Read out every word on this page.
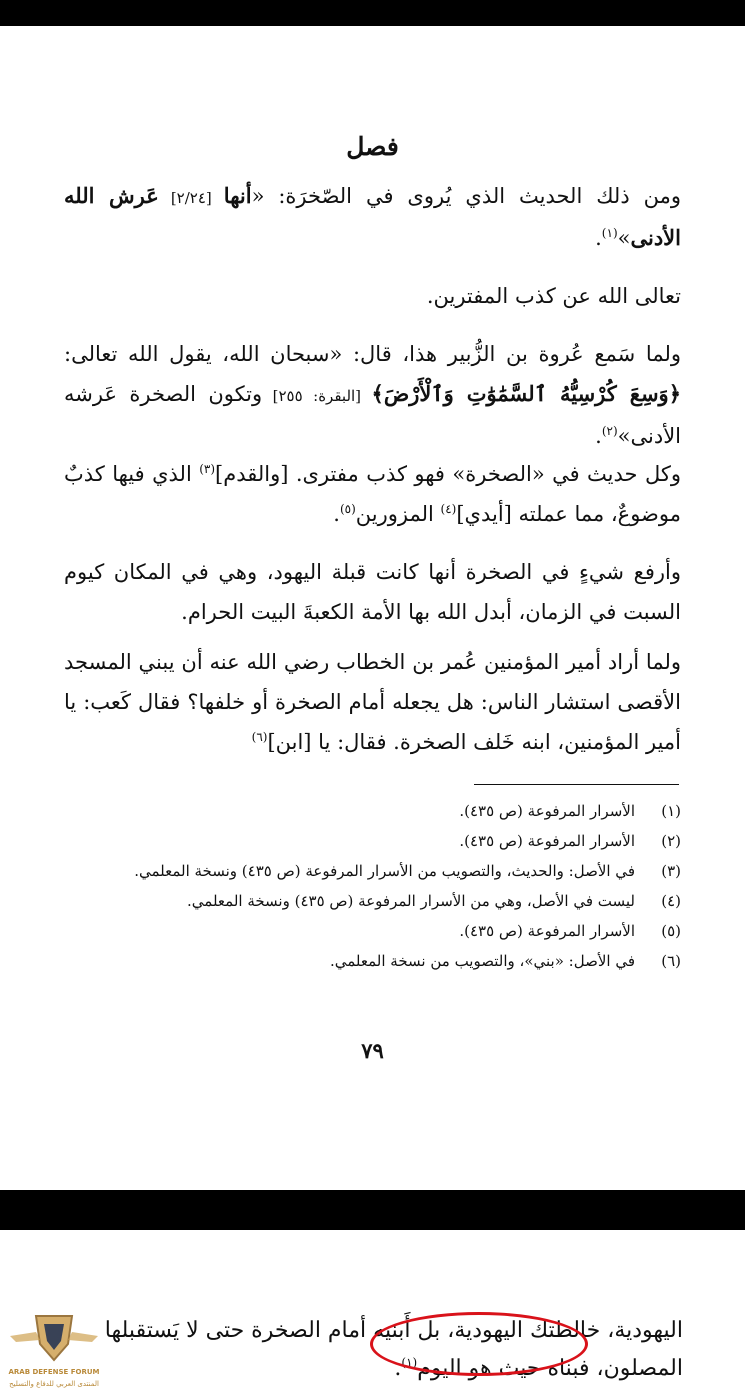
فصل

ومن ذلك الحديث الذي يُروى في الصّخرَة: «أنها [٢/٢٤] عَرش الله الأدنى»$^{(١)}$.

تعالى الله عن كذب المفترين.

ولما سَمع عُروة بن الزُّبير هذا، قال: «سبحان الله، يقول الله تعالى: ﴿وَسِعَ كُرْسِيُّهُ ٱلسَّمَٰوَٰتِ وَٱلْأَرْضَ﴾ [البقرة: ٢٥٥] وتكون الصخرة عَرشه الأدنى»$^{(٢)}$.

وكل حديث في «الصخرة» فهو كذب مفترى. [والقدم]$^{(٣)}$ الذي فيها كذبٌ موضوعٌ، مما عملته [أيدي]$^{(٤)}$ المزورين$^{(٥)}$.

وأرفع شيءٍ في الصخرة أنها كانت قبلة اليهود، وهي في المكان كيوم السبت في الزمان، أبدل الله بها الأمة الكعبةَ البيت الحرام.

ولما أراد أمير المؤمنين عُمر بن الخطاب رضي الله عنه أن يبني المسجد الأقصى استشار الناس: هل يجعله أمام الصخرة أو خلفها؟ فقال كَعب: يا أمير المؤمنين، ابنه خَلف الصخرة. فقال: يا [ابن]$^{(٦)}$

(١)
الأسرار المرفوعة (ص ٤٣٥).
(٢)
الأسرار المرفوعة (ص ٤٣٥).
(٣)
في الأصل: والحديث، والتصويب من الأسرار المرفوعة (ص ٤٣٥) ونسخة المعلمي.
(٤)
ليست في الأصل، وهي من الأسرار المرفوعة (ص ٤٣٥) ونسخة المعلمي.
(٥)
الأسرار المرفوعة (ص ٤٣٥).
(٦)
في الأصل: «بني»، والتصويب من نسخة المعلمي.
٧٩

اليهودية، خالطتك اليهودية، بل أَبنيه أمام الصخرة حتى لا يَستقبلها المصلون، فبناه حيث هو اليوم$^{(١)}$.

ARAB DEFENSE FORUM
المنتدى العربي للدفاع والتسليح
